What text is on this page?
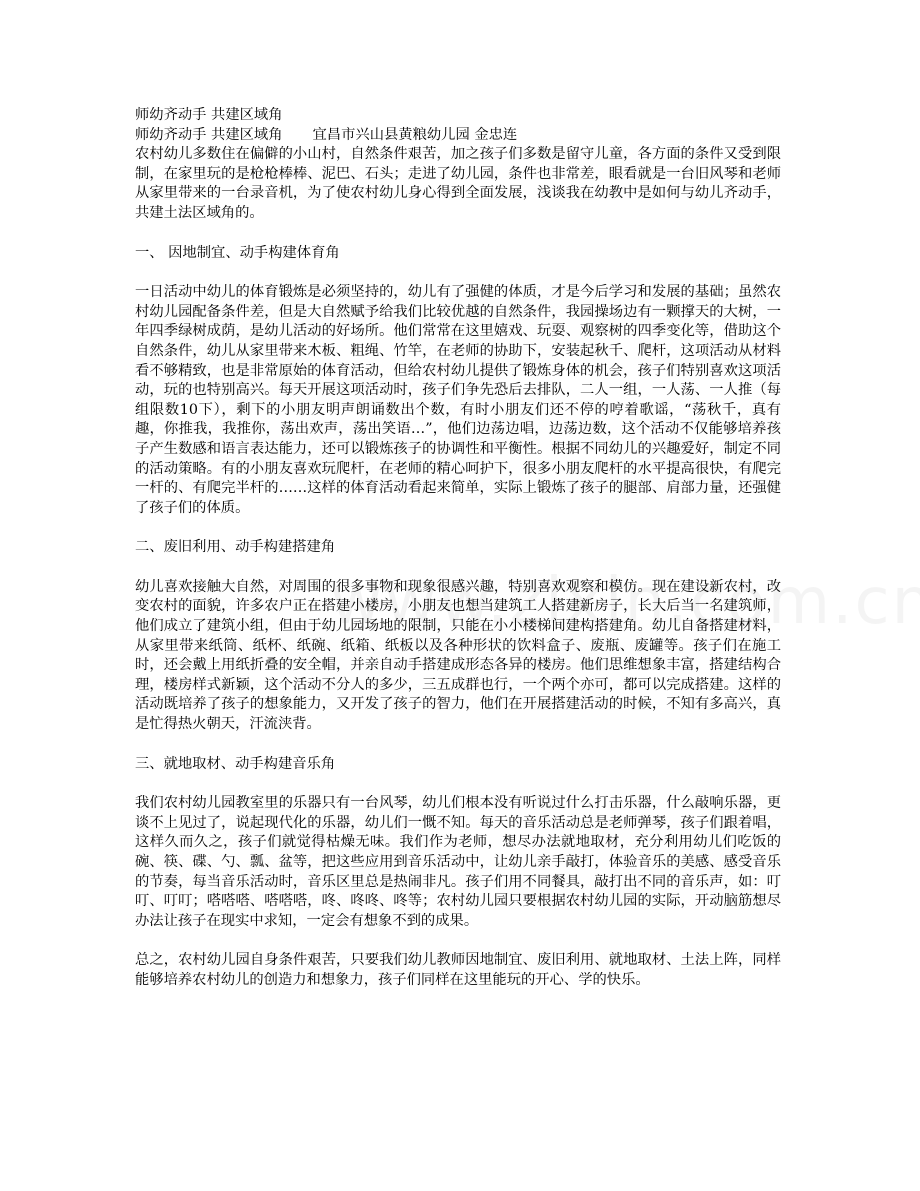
师幼齐动手 共建区域角

师幼齐动手 共建区域角 宜昌市兴山县黄粮幼儿园 金忠连

农村幼儿多数住在偏僻的小山村，自然条件艰苦，加之孩子们多数是留守儿童，各方面的条件又受到限制，在家里玩的是枪枪棒棒、泥巴、石头；走进了幼儿园，条件也非常差，眼看就是一台旧风琴和老师从家里带来的一台录音机，为了使农村幼儿身心得到全面发展，浅谈我在幼教中是如何与幼儿齐动手，共建土法区域角的。

一、 因地制宜、动手构建体育角

一日活动中幼儿的体育锻炼是必须坚持的，幼儿有了强健的体质，才是今后学习和发展的基础；虽然农村幼儿园配备条件差，但是大自然赋予给我们比较优越的自然条件，我园操场边有一颗撑天的大树，一年四季绿树成荫，是幼儿活动的好场所。他们常常在这里嬉戏、玩耍、观察树的四季变化等，借助这个自然条件，幼儿从家里带来木板、粗绳、竹竿，在老师的协助下，安装起秋千、爬杆，这项活动从材料看不够精致，也是非常原始的体育活动，但给农村幼儿提供了锻炼身体的机会，孩子们特别喜欢这项活动，玩的也特别高兴。每天开展这项活动时，孩子们争先恐后去排队，二人一组，一人荡、一人推（每组限数10下），剩下的小朋友明声朗诵数出个数，有时小朋友们还不停的哼着歌谣，“荡秋千，真有趣，你推我，我推你，荡出欢声，荡出笑语…”，他们边荡边唱，边荡边数，这个活动不仅能够培养孩子产生数感和语言表达能力，还可以锻炼孩子的协调性和平衡性。根据不同幼儿的兴趣爱好，制定不同的活动策略。有的小朋友喜欢玩爬杆，在老师的精心呵护下，很多小朋友爬杆的水平提高很快，有爬完一杆的、有爬完半杆的……这样的体育活动看起来简单，实际上锻炼了孩子的腿部、肩部力量，还强健了孩子们的体质。

二、废旧利用、动手构建搭建角

幼儿喜欢接触大自然，对周围的很多事物和现象很感兴趣，特别喜欢观察和模仿。现在建设新农村，改变农村的面貌，许多农户正在搭建小楼房，小朋友也想当建筑工人搭建新房子，长大后当一名建筑师，他们成立了建筑小组，但由于幼儿园场地的限制，只能在小小楼梯间建构搭建角。幼儿自备搭建材料，从家里带来纸筒、纸杯、纸碗、纸箱、纸板以及各种形状的饮料盒子、废瓶、废罐等。孩子们在施工时，还会戴上用纸折叠的安全帽，并亲自动手搭建成形态各异的楼房。他们思维想象丰富，搭建结构合理，楼房样式新颖，这个活动不分人的多少，三五成群也行，一个两个亦可，都可以完成搭建。这样的活动既培养了孩子的想象能力，又开发了孩子的智力，他们在开展搭建活动的时候，不知有多高兴，真是忙得热火朝天，汗流浃背。

三、就地取材、动手构建音乐角

我们农村幼儿园教室里的乐器只有一台风琴，幼儿们根本没有听说过什么打击乐器，什么敲响乐器，更谈不上见过了，说起现代化的乐器，幼儿们一慨不知。每天的音乐活动总是老师弹琴，孩子们跟着唱，这样久而久之，孩子们就觉得枯燥无味。我们作为老师，想尽办法就地取材，充分利用幼儿们吃饭的碗、筷、碟、勺、瓢、盆等，把这些应用到音乐活动中，让幼儿亲手敲打，体验音乐的美感、感受音乐的节奏，每当音乐活动时，音乐区里总是热闹非凡。孩子们用不同餐具，敲打出不同的音乐声，如：叮叮、叮叮；嗒嗒嗒、嗒嗒嗒，咚、咚咚、咚等；农村幼儿园只要根据农村幼儿园的实际，开动脑筋想尽办法让孩子在现实中求知，一定会有想象不到的成果。

总之，农村幼儿园自身条件艰苦，只要我们幼儿教师因地制宜、废旧利用、就地取材、土法上阵，同样能够培养农村幼儿的创造力和想象力，孩子们同样在这里能玩的开心、学的快乐。
